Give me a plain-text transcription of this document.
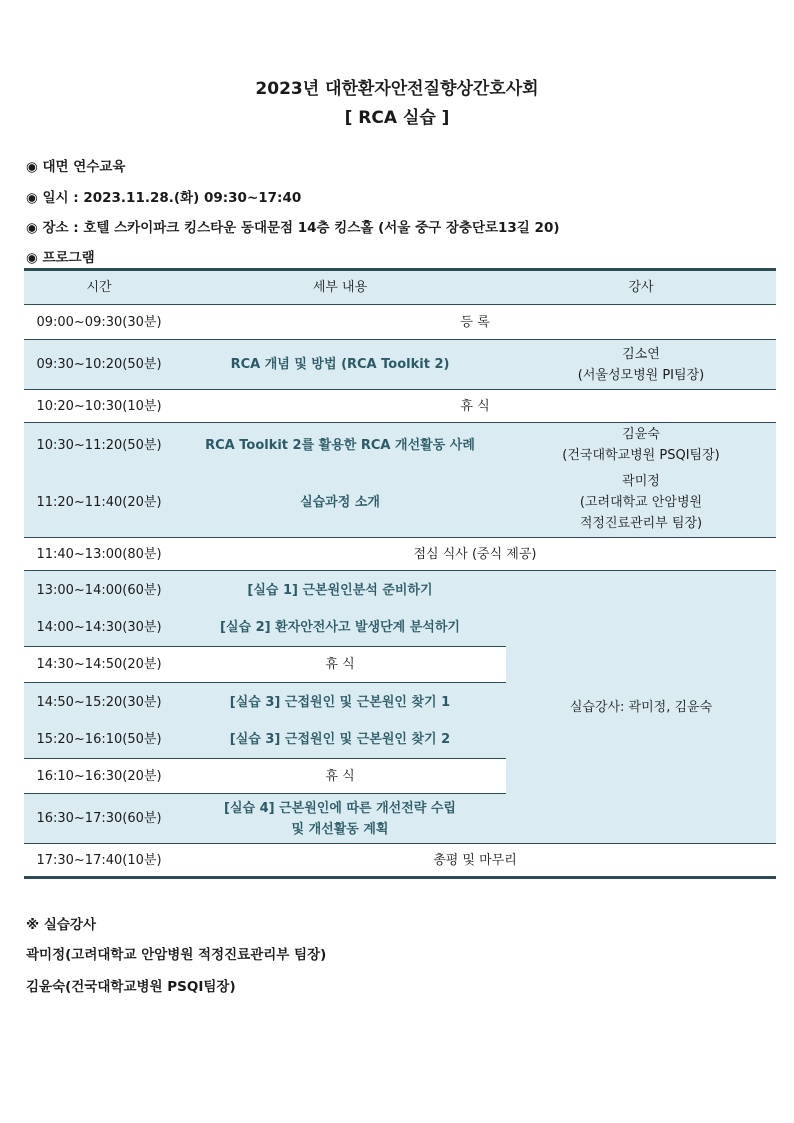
2023년 대한환자안전질향상간호사회
[ RCA 실습 ]
◉ 대면 연수교육
◉ 일시 : 2023.11.28.(화) 09:30~17:40
◉ 장소 : 호텔 스카이파크 킹스타운 동대문점 14층 킹스홀 (서울 중구 장충단로13길 20)
◉ 프로그램
시간	세부 내용	강사
09:00~09:30(30분)	등 록	
09:30~10:20(50분)	RCA 개념 및 방법 (RCA Toolkit 2)	김소연
(서울성모병원 PI팀장)

10:20~10:30(10분)	휴 식	
10:30~11:20(50분)	RCA Toolkit 2를 활용한 RCA 개선활동 사례	김윤숙
(건국대학교병원 PSQI팀장)

11:20~11:40(20분)	실습과정 소개	곽미정
(고려대학교 안암병원
적정진료관리부 팀장)

11:40~13:00(80분)	점심 식사 (중식 제공)	
13:00~14:00(60분)	[실습 1] 근본원인분석 준비하기	실습강사: 곽미정, 김윤숙
14:00~14:30(30분)	[실습 2] 환자안전사고 발생단계 분석하기	
14:30~14:50(20분)	휴 식	
14:50~15:20(30분)	[실습 3] 근접원인 및 근본원인 찾기 1	
15:20~16:10(50분)	[실습 3] 근접원인 및 근본원인 찾기 2	
16:10~16:30(20분)	휴 식	
16:30~17:30(60분)	[실습 4] 근본원인에 따른 개선전략 수립
및 개선활동 계획	

17:30~17:40(10분)	총평 및 마무리	
※ 실습강사
곽미정(고려대학교 안암병원 적정진료관리부 팀장)
김윤숙(건국대학교병원 PSQI팀장)
